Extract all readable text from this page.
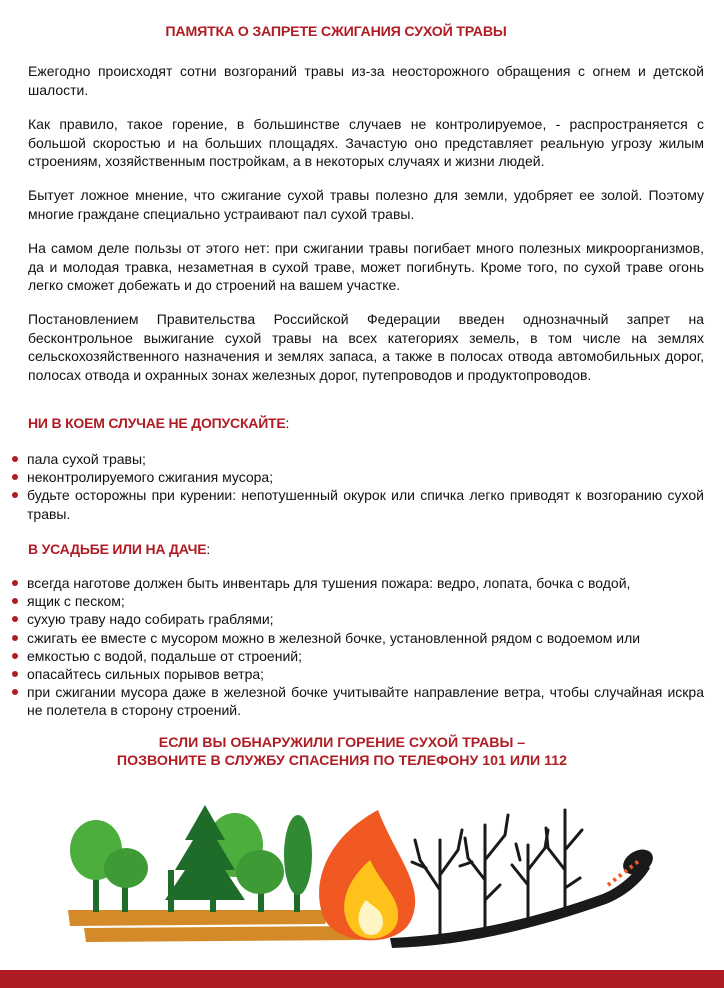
ПАМЯТКА О ЗАПРЕТЕ СЖИГАНИЯ СУХОЙ ТРАВЫ

Ежегодно происходят сотни возгораний травы из-за неосторожного обращения с огнем и детской шалости.

Как правило, такое горение, в большинстве случаев не контролируемое, - распространяется с большой скоростью и на больших площадях. Зачастую оно представляет реальную угрозу жилым строениям, хозяйственным постройкам, а в некоторых случаях и жизни людей.

Бытует ложное мнение, что сжигание сухой травы полезно для земли, удобряет ее золой. Поэтому многие граждане специально устраивают пал сухой травы.

На самом деле пользы от этого нет: при сжигании травы погибает много полезных микроорганизмов, да и молодая травка, незаметная в сухой траве, может погибнуть. Кроме того, по сухой траве огонь легко сможет добежать и до строений на вашем участке.

Постановлением Правительства Российской Федерации введен однозначный запрет на бесконтрольное выжигание сухой травы на всех категориях земель, в том числе на землях сельскохозяйственного назначения и землях запаса, а также в полосах отвода автомобильных дорог, полосах отвода и охранных зонах железных дорог, путепроводов и продуктопроводов.

НИ В КОЕМ СЛУЧАЕ НЕ ДОПУСКАЙТЕ:
пала сухой травы;
неконтролируемого сжигания мусора;
будьте осторожны при курении: непотушенный окурок или спичка легко приводят к возгоранию сухой травы.
В УСАДЬБЕ ИЛИ НА ДАЧЕ:
всегда наготове должен быть инвентарь для тушения пожара: ведро, лопата, бочка с водой,
ящик с песком;
сухую траву надо собирать граблями;
сжигать ее вместе с мусором можно в железной бочке, установленной рядом с водоемом или
емкостью с водой, подальше от строений;
опасайтесь сильных порывов ветра;
при сжигании мусора даже в железной бочке учитывайте направление ветра, чтобы случайная искра не полетела в сторону строений.
ЕСЛИ ВЫ ОБНАРУЖИЛИ ГОРЕНИЕ СУХОЙ ТРАВЫ –
ПОЗВОНИТЕ В СЛУЖБУ СПАСЕНИЯ ПО ТЕЛЕФОНУ 101 ИЛИ 112
